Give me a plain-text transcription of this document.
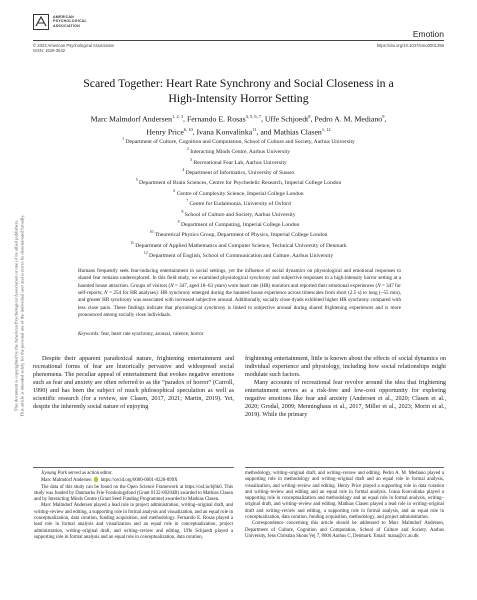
This document is copyrighted by the American Psychological Association or one of its allied publishers. This article is intended solely for the personal use of the individual user and is not to be disseminated broadly.
AMERICAN
PSYCHOLOGICAL
ASSOCIATION
Emotion
© 2023 American Psychological Association
ISSN: 1528-3542
https://doi.org/10.1037/emo0001356
Scared Together: Heart Rate Synchrony and Social Closeness in a
High-Intensity Horror Setting
Marc Malmdorf Andersen$^{1, 2, 3}$, Fernando E. Rosas$^{4, 5, 6, 7}$, Uffe Schjoedt$^8$, Pedro A. M. Mediano$^9$,
Henry Price$^{6, 10}$, Ivana Konvalinka$^{11}$, and Mathias Clasen$^{1, 12}$
$^1$ Department of Culture, Cognition and Computation, School of Culture and Society, Aarhus University
$^2$ Interacting Minds Centre, Aarhus University
$^3$ Recreational Fear Lab, Aarhus University
$^4$ Department of Informatics, University of Sussex
$^5$ Department of Brain Sciences, Centre for Psychedelic Research, Imperial College London
$^6$ Centre of Complexity Science, Imperial College London
$^7$ Centre for Eudaimonia, University of Oxford
$^8$ School of Culture and Society, Aarhus University
$^9$ Department of Computing, Imperial College London
$^{10}$ Theoretical Physics Group, Department of Physics, Imperial College London
$^{11}$ Department of Applied Mathematics and Computer Science, Technical University of Denmark
$^{12}$ Department of English, School of Communication and Culture, Aarhus University
Humans frequently seek fear-inducing entertainment in social settings, yet the influence of social dynamics on physiological and emotional responses to shared fear remains underexplored. In this field study, we examined physiological synchrony and subjective responses to a high-intensity horror setting at a haunted house attraction. Groups of visitors (N = 347, aged 18–63 years) wore heart rate (HR) monitors and reported their emotional experiences (N = 347 for self-reports; N = 254 for HR analyses). HR synchrony emerged during the haunted house experience across timescales from short (2.5 s) to long (~55 min), and greater HR synchrony was associated with increased subjective arousal. Additionally, socially close dyads exhibited higher HR synchrony compared with less close pairs. These findings indicate that physiological synchrony is linked to subjective arousal during shared frightening experiences and is more pronounced among socially close individuals.
Keywords: fear, heart rate synchrony, arousal, valence, horror

Despite their apparent paradoxical nature, frightening entertainment and recreational forms of fear are historically pervasive and widespread social phenomena. The peculiar appeal of entertainment that evokes negative emotions such as fear and anxiety are often referred to as the “paradox of horror” (Carroll, 1990) and has been the subject of much philosophical speculation as well as scientific research (for a review, see Clasen, 2017, 2021; Martin, 2019). Yet, despite the inherently social nature of enjoying

frightening entertainment, little is known about the effects of social dynamics on individual experience and physiology, including how social relationships might modulate such factors.

Many accounts of recreational fear revolve around the idea that frightening entertainment serves as a risk-free and low-cost opportunity for exploring negative emotions like fear and anxiety (Andersen et al., 2020; Clasen et al., 2020; Grodal, 2009; Menninghaus et al., 2017, Miller et al., 2023; Morin et al., 2019). While the primary

Jiyoung Park served as action editor.

Marc Malmdorf Andersen https://orcid.org/0000-0001-8228-899X

The data of this study can be found on the Open Science Framework at https://osf.io/bj6k6. This study was funded by Danmarks Frie Forskningsfond (Grant 0132-00204B) awarded to Mathias Clasen and by Interacting Minds Centre (Grant Seed Funding Programme) awarded to Mathias Clasen.

Marc Malmdorf Andersen played a lead role in project administration, writing–original draft, and writing–review and editing, a supporting role in formal analysis and visualization, and an equal role in conceptualization, data curation, funding acquisition, and methodology. Fernando E. Rosas played a lead role in formal analysis and visualization and an equal role in conceptualization, project administration, writing–original draft, and writing–review and editing. Uffe Schjoedt played a supporting role in formal analysis and an equal role in conceptualization, data curation,

methodology, writing–original draft, and writing–review and editing. Pedro A. M. Mediano played a supporting role in methodology and writing–original draft and an equal role in formal analysis, visualization, and writing–review and editing. Henry Price played a supporting role in data curation and writing–review and editing and an equal role in formal analysis. Ivana Konvalinka played a supporting role in conceptualization and methodology and an equal role in formal analysis, writing–original draft, and writing–review and editing. Mathias Clasen played a lead role in writing–original draft and writing–review and editing, a supporting role in formal analysis, and an equal role in conceptualization, data curation, funding acquisition, methodology, and project administration.

Correspondence concerning this article should be addressed to Marc Malmdorf Andersen, Department of Culture, Cognition and Computation, School of Culture and Society, Aarhus University, Jens Christian Skous Vej 7, 8000 Aarhus C, Denmark. Email: mana@cc.au.dk
